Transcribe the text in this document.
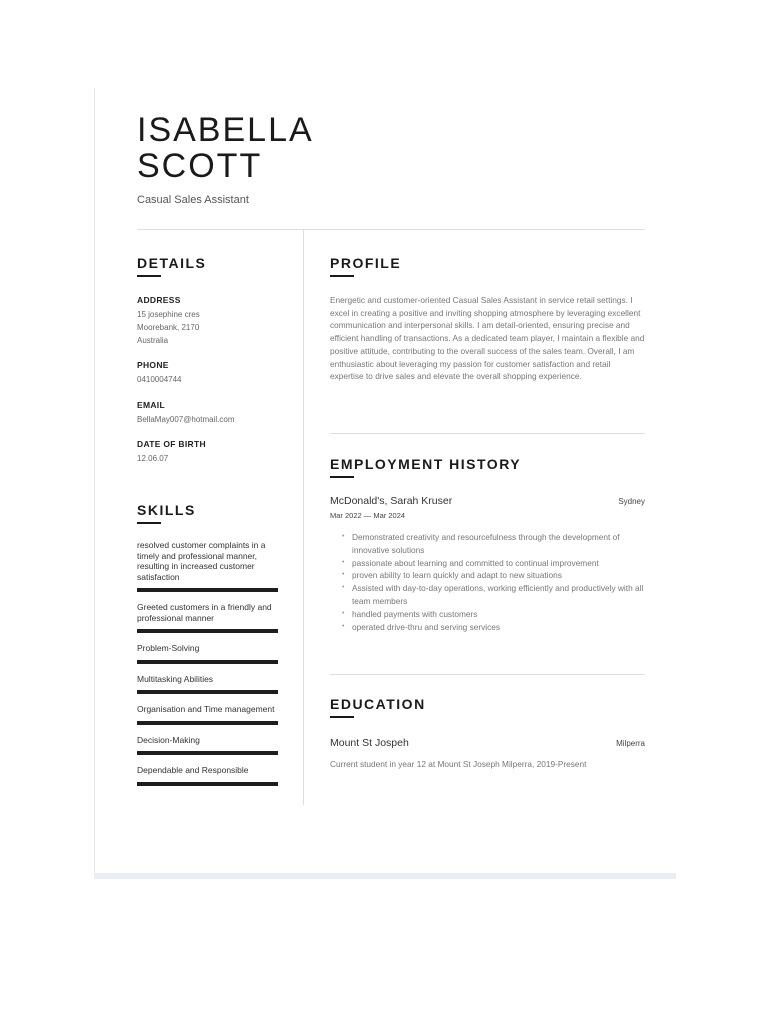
ISABELLA
SCOTT
Casual Sales Assistant
DETAILS

ADDRESS

15 josephine cres

Moorebank, 2170

Australia

PHONE

0410004744

EMAIL

BellaMay007@hotmail.com

DATE OF BIRTH

12.06.07

SKILLS
resolved customer complaints in a timely and professional manner, resulting in increased customer satisfaction
Greeted customers in a friendly and professional manner
Problem-Solving
Multitasking Abilities
Organisation and Time management
Decision-Making
Dependable and Responsible
PROFILE

Energetic and customer-oriented Casual Sales Assistant in service retail settings. I excel in creating a positive and inviting shopping atmosphere by leveraging excellent communication and interpersonal skills. I am detail-oriented, ensuring precise and efficient handling of transactions. As a dedicated team player, I maintain a flexible and positive attitude, contributing to the overall success of the sales team. Overall, I am enthusiastic about leveraging my passion for customer satisfaction and retail expertise to drive sales and elevate the overall shopping experience.

EMPLOYMENT HISTORY
McDonald's, Sarah Kruser	Sydney
Mar 2022 — Mar 2024
• Demonstrated creativity and resourcefulness through the development of innovative solutions
• passionate about learning and committed to continual improvement
• proven ability to learn quickly and adapt to new situations
• Assisted with day-to-day operations, working efficiently and productively with all team members
• handled payments with customers
• operated drive-thru and serving services
EDUCATION
Mount St Jospeh	Milperra
Current student in year 12 at Mount St Joseph Milperra, 2019-Present
